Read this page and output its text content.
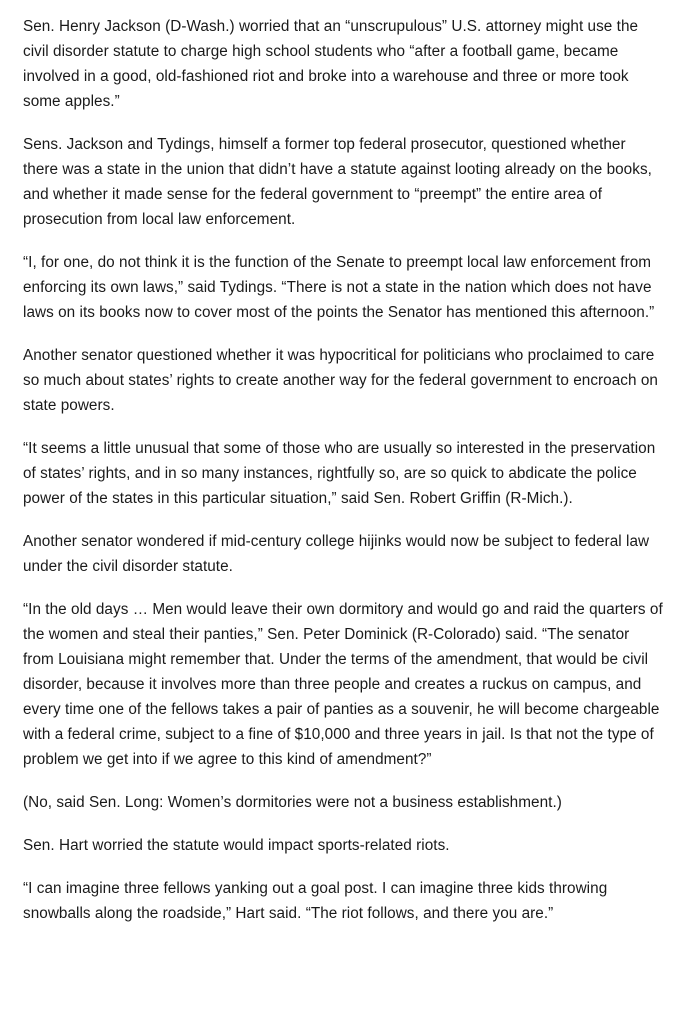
Sen. Henry Jackson (D-Wash.) worried that an “unscrupulous” U.S. attorney might use the civil disorder statute to charge high school students who “after a football game, became involved in a good, old-fashioned riot and broke into a warehouse and three or more took some apples.”

Sens. Jackson and Tydings, himself a former top federal prosecutor, questioned whether there was a state in the union that didn’t have a statute against looting already on the books, and whether it made sense for the federal government to “preempt” the entire area of prosecution from local law enforcement.

“I, for one, do not think it is the function of the Senate to preempt local law enforcement from enforcing its own laws,” said Tydings. “There is not a state in the nation which does not have laws on its books now to cover most of the points the Senator has mentioned this afternoon.”

Another senator questioned whether it was hypocritical for politicians who proclaimed to care so much about states’ rights to create another way for the federal government to encroach on state powers.

“It seems a little unusual that some of those who are usually so interested in the preservation of states’ rights, and in so many instances, rightfully so, are so quick to abdicate the police power of the states in this particular situation,” said Sen. Robert Griffin (R-Mich.).

Another senator wondered if mid-century college hijinks would now be subject to federal law under the civil disorder statute.

“In the old days … Men would leave their own dormitory and would go and raid the quarters of the women and steal their panties,” Sen. Peter Dominick (R-Colorado) said. “The senator from Louisiana might remember that. Under the terms of the amendment, that would be civil disorder, because it involves more than three people and creates a ruckus on campus, and every time one of the fellows takes a pair of panties as a souvenir, he will become chargeable with a federal crime, subject to a fine of $10,000 and three years in jail. Is that not the type of problem we get into if we agree to this kind of amendment?”

(No, said Sen. Long: Women’s dormitories were not a business establishment.)

Sen. Hart worried the statute would impact sports-related riots.

“I can imagine three fellows yanking out a goal post. I can imagine three kids throwing snowballs along the roadside,” Hart said. “The riot follows, and there you are.”
